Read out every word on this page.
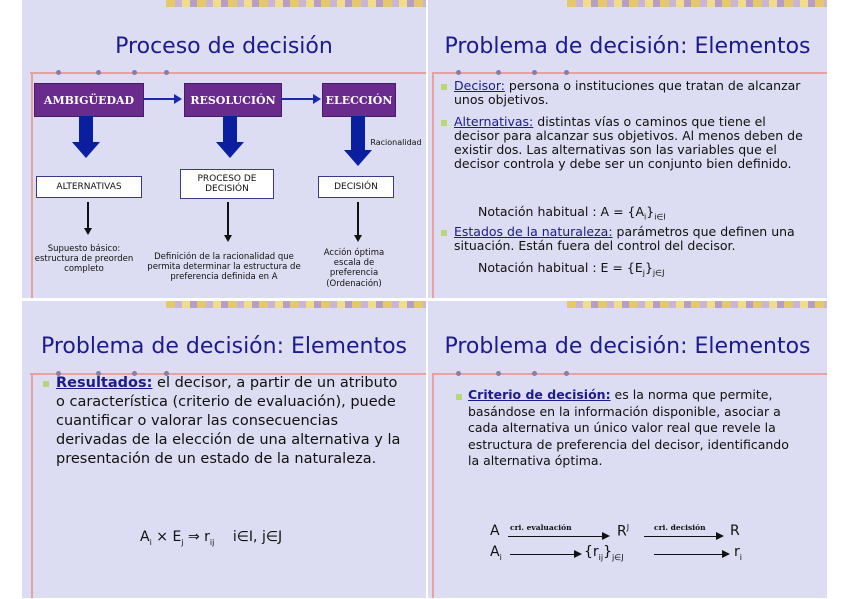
Proceso de decisión
AMBIGÜEDAD	RESOLUCIÓN	ELECCIÓN
Racionalidad
ALTERNATIVAS
PROCESO DE DECISIÓN	DECISIÓN
Supuesto básico: estructura de preorden completo
Definición de la racionalidad que permita determinar la estructura de preferencia definida en A
Acción óptima escala de preferencia (Ordenación)
Problema de decisión: Elementos
Decisor: persona o instituciones que tratan de alcanzar unos objetivos.
Alternativas: distintas vías o caminos que tiene el decisor para alcanzar sus objetivos. Al menos deben de existir dos. Las alternativas son las variables que el decisor controla y debe ser un conjunto bien definido.
Notación habitual : $A = \{A_i\}_{i\in I}$
Estados de la naturaleza: parámetros que definen una situación. Están fuera del control del decisor.
Notación habitual : $E = \{E_j\}_{j\in J}$
Problema de decisión: Elementos
Resultados: el decisor, a partir de un atributo o característica (criterio de evaluación), puede cuantificar o valorar las consecuencias derivadas de la elección de una alternativa y la presentación de un estado de la naturaleza.
$A_i \times E_j$ ⇒ $r_{ij}$ i∈I, j∈J
Problema de decisión: Elementos
Criterio de decisión: es la norma que permite, basándose en la información disponible, asociar a cada alternativa un único valor real que revele la estructura de preferencia del decisor, identificando la alternativa óptima.
A cri. evaluación	$R^J$	cri. decisión R
$A_i$	$\{r_{ij}\}_{j\in J}$	$r_i$
